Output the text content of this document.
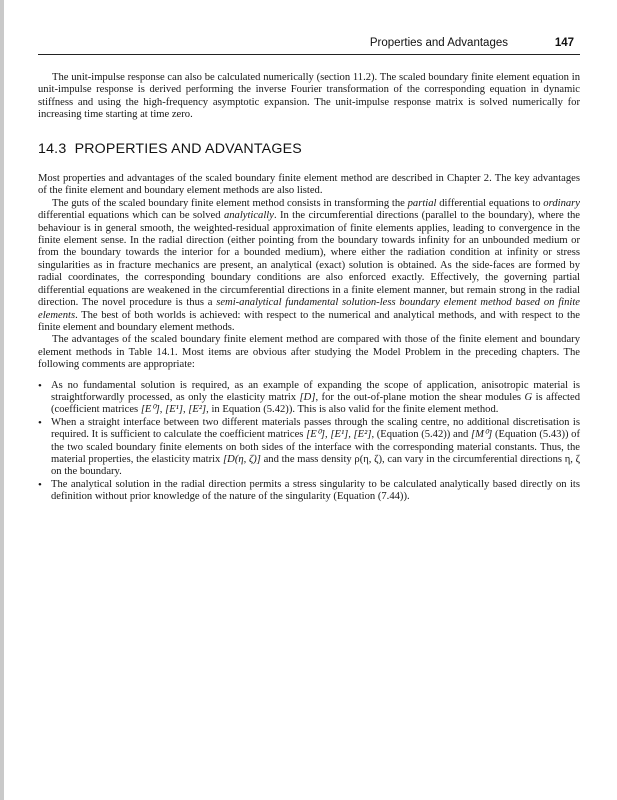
Properties and Advantages	147

The unit-impulse response can also be calculated numerically (section 11.2). The scaled boundary finite element equation in unit-impulse response is derived performing the inverse Fourier transformation of the corresponding equation in dynamic stiffness and using the high-frequency asymptotic expansion. The unit-impulse response matrix is solved numerically for increasing time starting at time zero.

14.3 PROPERTIES AND ADVANTAGES

Most properties and advantages of the scaled boundary finite element method are described in Chapter 2. The key advantages of the finite element and boundary element methods are also listed.

The guts of the scaled boundary finite element method consists in transforming the partial differential equations to ordinary differential equations which can be solved analytically. In the circumferential directions (parallel to the boundary), where the behaviour is in general smooth, the weighted-residual approximation of finite elements applies, leading to convergence in the finite element sense. In the radial direction (either pointing from the boundary towards infinity for an unbounded medium or from the boundary towards the interior for a bounded medium), where either the radiation condition at infinity or stress singularities as in fracture mechanics are present, an analytical (exact) solution is obtained. As the side-faces are formed by radial coordinates, the corresponding boundary conditions are also enforced exactly. Effectively, the governing partial differential equations are weakened in the circumferential directions in a finite element manner, but remain strong in the radial direction. The novel procedure is thus a semi-analytical fundamental solution-less boundary element method based on finite elements. The best of both worlds is achieved: with respect to the numerical and analytical methods, and with respect to the finite element and boundary element methods.

The advantages of the scaled boundary finite element method are compared with those of the finite element and boundary element methods in Table 14.1. Most items are obvious after studying the Model Problem in the preceding chapters. The following comments are appropriate:

• As no fundamental solution is required, as an example of expanding the scope of application, anisotropic material is straightforwardly processed, as only the elasticity matrix [D], for the out-of-plane motion the shear modules G is affected (coefficient matrices [E⁰], [E¹], [E²], in Equation (5.42)). This is also valid for the finite element method.
• When a straight interface between two different materials passes through the scaling centre, no additional discretisation is required. It is sufficient to calculate the coefficient matrices [E⁰], [E¹], [E²], (Equation (5.42)) and [M⁰] (Equation (5.43)) of the two scaled boundary finite elements on both sides of the interface with the corresponding material constants. Thus, the material properties, the elasticity matrix [D(η, ζ)] and the mass density ρ(η, ζ), can vary in the circumferential directions η, ζ on the boundary.
• The analytical solution in the radial direction permits a stress singularity to be calculated analytically based directly on its definition without prior knowledge of the nature of the singularity (Equation (7.44)).
